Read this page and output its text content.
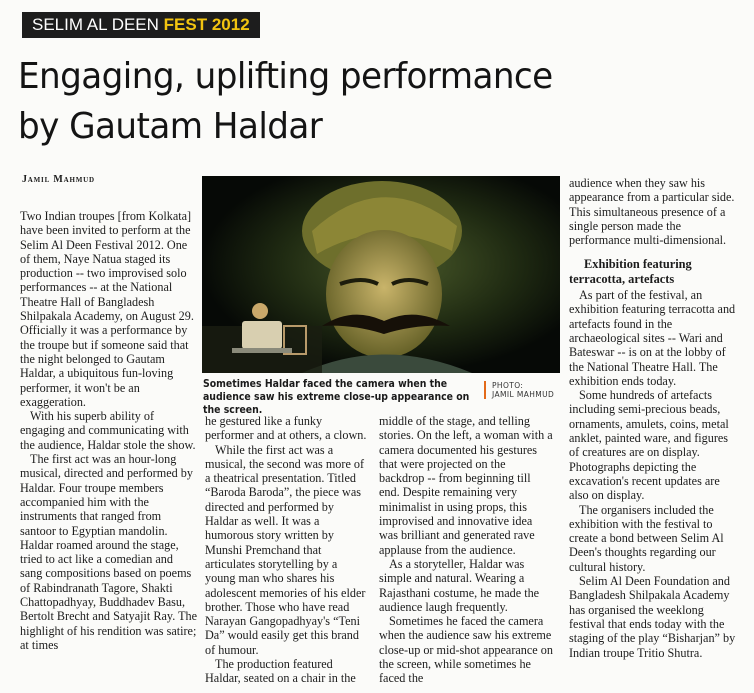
SELIM AL DEEN FEST 2012
Engaging, uplifting performance
by Gautam Haldar
Jamil Mahmud

Two Indian troupes [from Kolkata] have been invited to perform at the Selim Al Deen Festival 2012. One of them, Naye Natua staged its production -- two improvised solo performances -- at the National Theatre Hall of Bangladesh Shilpakala Academy, on August 29. Officially it was a performance by the troupe but if someone said that the night belonged to Gautam Haldar, a ubiquitous fun-loving performer, it won't be an exaggeration.

With his superb ability of engaging and communicating with the audience, Haldar stole the show.

The first act was an hour-long musical, directed and performed by Haldar. Four troupe members accompanied him with the instruments that ranged from santoor to Egyptian mandolin. Haldar roamed around the stage, tried to act like a comedian and sang compositions based on poems of Rabindranath Tagore, Shakti Chattopadhyay, Buddhadev Basu, Bertolt Brecht and Satyajit Ray. The highlight of his rendition was satire; at times

Sometimes Haldar faced the camera when the audience saw his extreme close-up appearance on the screen.
PHOTO:
JAMIL MAHMUD

he gestured like a funky performer and at others, a clown.

While the first act was a musical, the second was more of a theatrical presentation. Titled “Baroda Baroda”, the piece was directed and performed by Haldar as well. It was a humorous story written by Munshi Premchand that articulates storytelling by a young man who shares his adolescent memories of his elder brother. Those who have read Narayan Gangopadhyay's “Teni Da” would easily get this brand of humour.

The production featured Haldar, seated on a chair in the

middle of the stage, and telling stories. On the left, a woman with a camera documented his gestures that were projected on the backdrop -- from beginning till end. Despite remaining very minimalist in using props, this improvised and innovative idea was brilliant and generated rave applause from the audience.

As a storyteller, Haldar was simple and natural. Wearing a Rajasthani costume, he made the audience laugh frequently.

Sometimes he faced the camera when the audience saw his extreme close-up or mid-shot appearance on the screen, while sometimes he faced the

audience when they saw his appearance from a particular side. This simultaneous presence of a single person made the performance multi-dimensional.

Exhibition featuring terracotta, artefacts

As part of the festival, an exhibition featuring terracotta and artefacts found in the archaeological sites -- Wari and Bateswar -- is on at the lobby of the National Theatre Hall. The exhibition ends today.

Some hundreds of artefacts including semi-precious beads, ornaments, amulets, coins, metal anklet, painted ware, and figures of creatures are on display. Photographs depicting the excavation's recent updates are also on display.

The organisers included the exhibition with the festival to create a bond between Selim Al Deen's thoughts regarding our cultural history.

Selim Al Deen Foundation and Bangladesh Shilpakala Academy has organised the weeklong festival that ends today with the staging of the play “Bisharjan” by Indian troupe Tritio Shutra.
